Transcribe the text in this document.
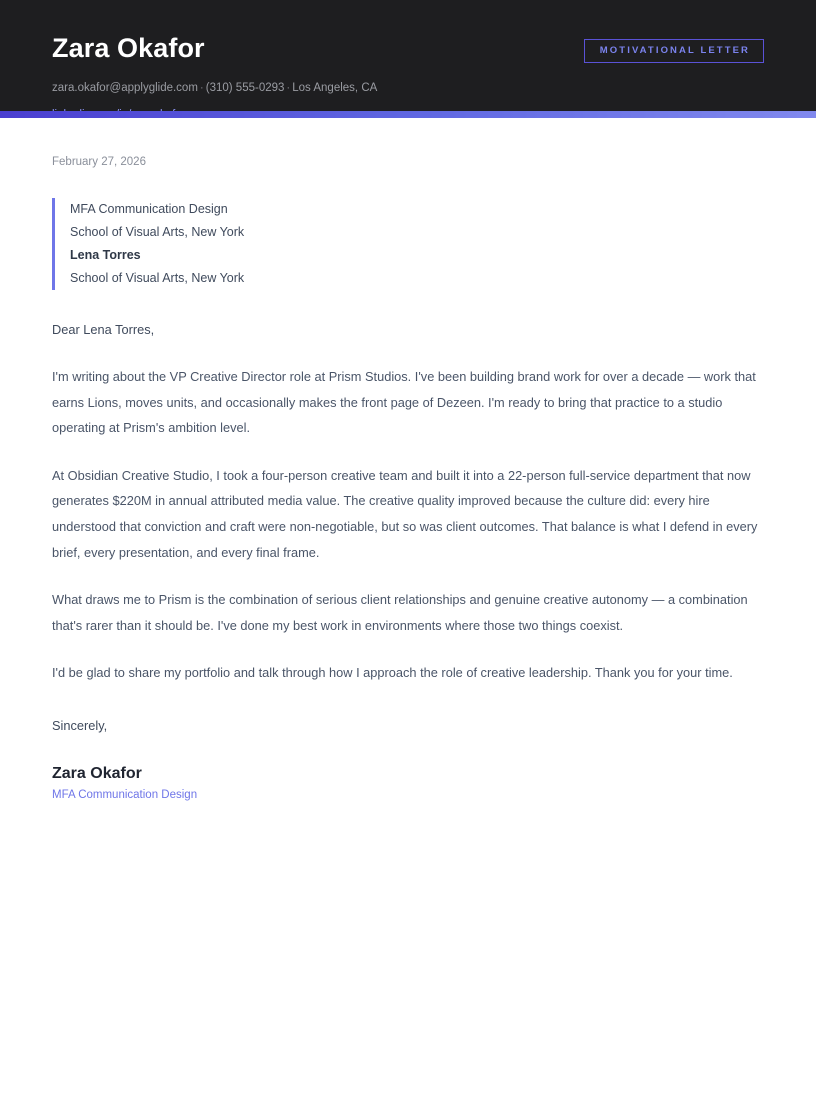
Zara Okafor

zara.okafor@applyglide.com · (310) 555-0293 · Los Angeles, CA

MOTIVATIONAL LETTER
February 27, 2026
MFA Communication Design
School of Visual Arts, New York
Lena Torres
School of Visual Arts, New York

Dear Lena Torres,

I'm writing about the VP Creative Director role at Prism Studios. I've been building brand work for over a decade — work that earns Lions, moves units, and occasionally makes the front page of Dezeen. I'm ready to bring that practice to a studio operating at Prism's ambition level.

At Obsidian Creative Studio, I took a four-person creative team and built it into a 22-person full-service department that now generates $220M in annual attributed media value. The creative quality improved because the culture did: every hire understood that conviction and craft were non-negotiable, but so was client outcomes. That balance is what I defend in every brief, every presentation, and every final frame.

What draws me to Prism is the combination of serious client relationships and genuine creative autonomy — a combination that's rarer than it should be. I've done my best work in environments where those two things coexist.

I'd be glad to share my portfolio and talk through how I approach the role of creative leadership. Thank you for your time.

Sincerely,

Zara Okafor
MFA Communication Design
